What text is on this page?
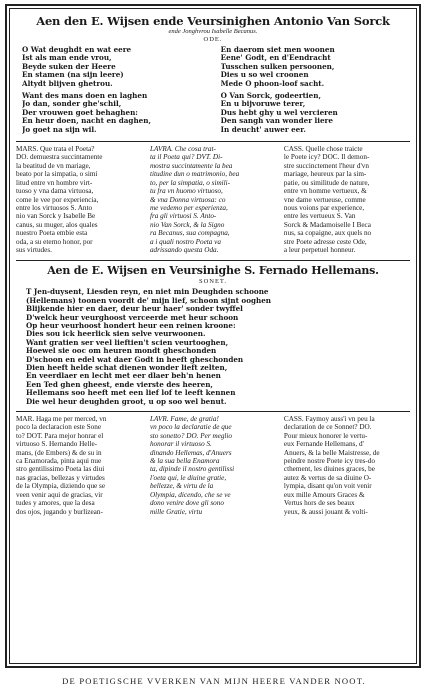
Aen den E. Wijsen ende Veursinighen Antonio Van Sorck
ende Jonghvrou Isabelle Becanus.
ODE.
O Wat deughdt en wat eere
Ist als man ende vrou,
Beyde suken der Heere
En stamen (na sijn leere)
Altydt blijven ghetrou.
Want des mans doen en laghen
Jo dan, sonder ghe'schil,
Der vrouwen goet behaghen:
En heur doen, nacht en daghen,
Jo goet na sijn wil.
En daerom siet men woonen
Eene' Godt, en d'Eendracht
Tusschen sulken persoonen,
Dies u so wel croonen
Mede O phoon-loof sacht.
O Van Sorck, godeertien,
En u bijvoruwe terer,
Dus hebt ghy u wel vercieren
Den sangh van wonder liere
In deucht' auwer eer.
MARS. Que trata el Poeta?
DO. demuestra succintamente
la beatitud de vn mariage,
beato por la simpatia, o simi
litud entre vn hombre virt-
tuoso y vna dama virtuosa,
come le vee por experiencia,
entre los virtuosos S. Anto
nio van Sorck y Isabelle Be
canus, su muger, alos quales
nuestro Poeta embie esta
oda, a su eterno honor, por
sus virtudes.
LAVRA. Che cosa trat-
ta il Poeta qui? DVT. Di-
mostra succintamente la bea
titudine dun o matrimonio, bea
to, per la simpatia, o simili-
tu fra vn huomo virtuoso,
& vna Donna virtuosa: co
me vedemo per esperienza,
fra gli virtuosi S. Anto-
nio Van Sorck, & la Signo
ra Becanus, sua compagna,
a i quali nostro Poeta va
adrissando questa Oda.
CASS. Quelle chose traicte
le Poete icy? DOC. Il demon-
stre succinctement l'heur d'vn
mariage, heureux par la sim-
patie, ou similitude de nature,
entre vn homme vertueux, &
vne dame vertueuse, comme
nous voions par experience,
entre les vertueux S. Van
Sorck & Madamoiselle I Beca
nus, sa copaigne, aux quels no
stre Poete adresse ceste Ode,
a leur perpetuel honneur.
Aen de E. Wijsen en Veursinighe S. Fernado Hellemans.
SONET.
T Jen-duysent, Liesden reyn, en niet min Deughden schoone
(Hellemans) toonen voordt de' mijn lief, schoon sijnt ooghen
Blijkende hier en daer, deur heur haer' sonder twyffel
D'welck heur veurghoost verceerde met heur schoon
Op heur veurhoost hondert heur een reinen kroone:
Dies sou ick heerlick sien selve veurwoonen.
Want gratien ser veel lieftien't scien veurtooghen,
Hoewel sie ooc om heuren mondt gheschonden
D'schoon en edel wat daer Godt in heeft gheschonden
Dien heeft helde schat dienen wonder lieft zelten,
En veerdlaer en lecht met eer dlaer beh'n henen
Een Ted ghen gheest, ende vierste des heeren,
Hellemans soo heeft met een lief lof te leeft kennen
Die wel heur deughden groot, u op soo wel benut.
MAR. Haga me per merced, vn
poco la declaracion este Sone
to? DOT. Para mejor honrar el
virtuoso S. Hernando Helle-
mans, (de Embers) & de su in
ca Enamorada, pinta aqui nue
stro gentilissimo Poeta las diui
nas gracias, bellezas y virtudes
de la Olympia, diziendo que se
veen venir aqui de gracias, vir
tudes y amores, que la desa
dos ojos, jugando y burlizean-
LAVR. Fame, de gratia!
vn poco la declaratie de que
sto sonetto? DO. Per meglio
honorar il virtuoso S.
dinando Hellemas, d'Anuers
& la sua bella Enamora
ta, dipinde il nostro gentilissi
l'oeta qui, le diuine gratie,
bellezze, & virtu de la
Olympia, dicendo, che se ve
dono venire dove gli sono
mille Gratie, virtu
CASS. Faymoy auss'i vn peu la
declaration de ce Sonnet? DO.
Pour mieux honorer le vertu-
eux Fernande Hellemans, d'
Anuers, & la belle Maistresse, de
peindre nostre Poete icy tres-do
cthement, les diuines graces, be
autez & vertus de sa diuine O-
lympia, disant qu'on voit venir
eux mille Amours Graces &
Vertus hors de ses beaux
yeux, & aussi jouant & volti-
DE POETIGSCHE VVERKEN VAN MIJN HEERE VANDER NOOT.
